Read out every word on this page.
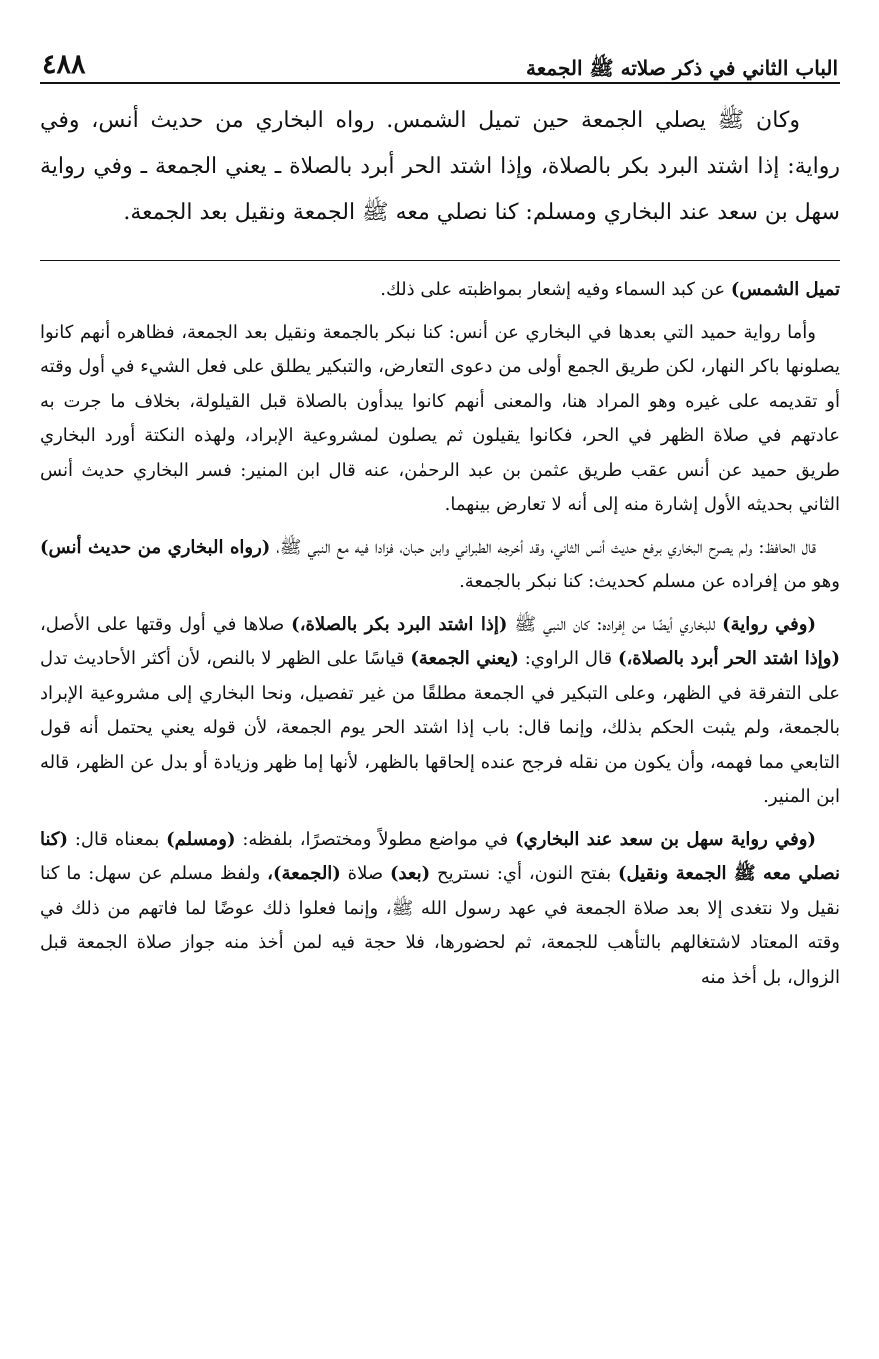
الباب الثاني في ذكر صلاته ﷺ الجمعة
٤٨٨
وكان ﷺ يصلي الجمعة حين تميل الشمس. رواه البخاري من حديث أنس، وفي رواية: إذا اشتد البرد بكر بالصلاة، وإذا اشتد الحر أبرد بالصلاة ـ يعني الجمعة ـ وفي رواية سهل بن سعد عند البخاري ومسلم: كنا نصلي معه ﷺ الجمعة ونقيل بعد الجمعة.

تميل الشمس) عن كبد السماء وفيه إشعار بمواظبته على ذلك.

وأما رواية حميد التي بعدها في البخاري عن أنس: كنا نبكر بالجمعة ونقيل بعد الجمعة، فظاهره أنهم كانوا يصلونها باكر النهار، لكن طريق الجمع أولى من دعوى التعارض، والتبكير يطلق على فعل الشيء في أول وقته أو تقديمه على غيره وهو المراد هنا، والمعنى أنهم كانوا يبدأون بالصلاة قبل القيلولة، بخلاف ما جرت به عادتهم في صلاة الظهر في الحر، فكانوا يقيلون ثم يصلون لمشروعية الإبراد، ولهذه النكتة أورد البخاري طريق حميد عن أنس عقب طريق عثمن بن عبد الرحمٰن، عنه قال ابن المنير: فسر البخاري حديث أنس الثاني بحديثه الأول إشارة منه إلى أنه لا تعارض بينهما.

قال الحافظ: ولم يصرح البخاري برفع حديث أنس الثاني، وقد أخرجه الطبراني وابن حبان، فزادا فيه مع النبي ﷺ، (رواه البخاري من حديث أنس) وهو من إفراده عن مسلم كحديث: كنا نبكر بالجمعة.

(وفي رواية) للبخاري أيضًا من إفراده: كان النبي ﷺ (إذا اشتد البرد بكر بالصلاة،) صلاها في أول وقتها على الأصل، (وإذا اشتد الحر أبرد بالصلاة،) قال الراوي: (يعني الجمعة) قياسًا على الظهر لا بالنص، لأن أكثر الأحاديث تدل على التفرقة في الظهر، وعلى التبكير في الجمعة مطلقًا من غير تفصيل، ونحا البخاري إلى مشروعية الإبراد بالجمعة، ولم يثبت الحكم بذلك، وإنما قال: باب إذا اشتد الحر يوم الجمعة، لأن قوله يعني يحتمل أنه قول التابعي مما فهمه، وأن يكون من نقله فرجح عنده إلحاقها بالظهر، لأنها إما ظهر وزيادة أو بدل عن الظهر، قاله ابن المنير.

(وفي رواية سهل بن سعد عند البخاري) في مواضع مطولاً ومختصرًا، بلفظه: (ومسلم) بمعناه قال: (كنا نصلي معه ﷺ الجمعة ونقيل) بفتح النون، أي: نستريح (بعد) صلاة (الجمعة)، ولفظ مسلم عن سهل: ما كنا نقيل ولا نتغدى إلا بعد صلاة الجمعة في عهد رسول الله ﷺ، وإنما فعلوا ذلك عوضًا لما فاتهم من ذلك في وقته المعتاد لاشتغالهم بالتأهب للجمعة، ثم لحضورها، فلا حجة فيه لمن أخذ منه جواز صلاة الجمعة قبل الزوال، بل أخذ منه
